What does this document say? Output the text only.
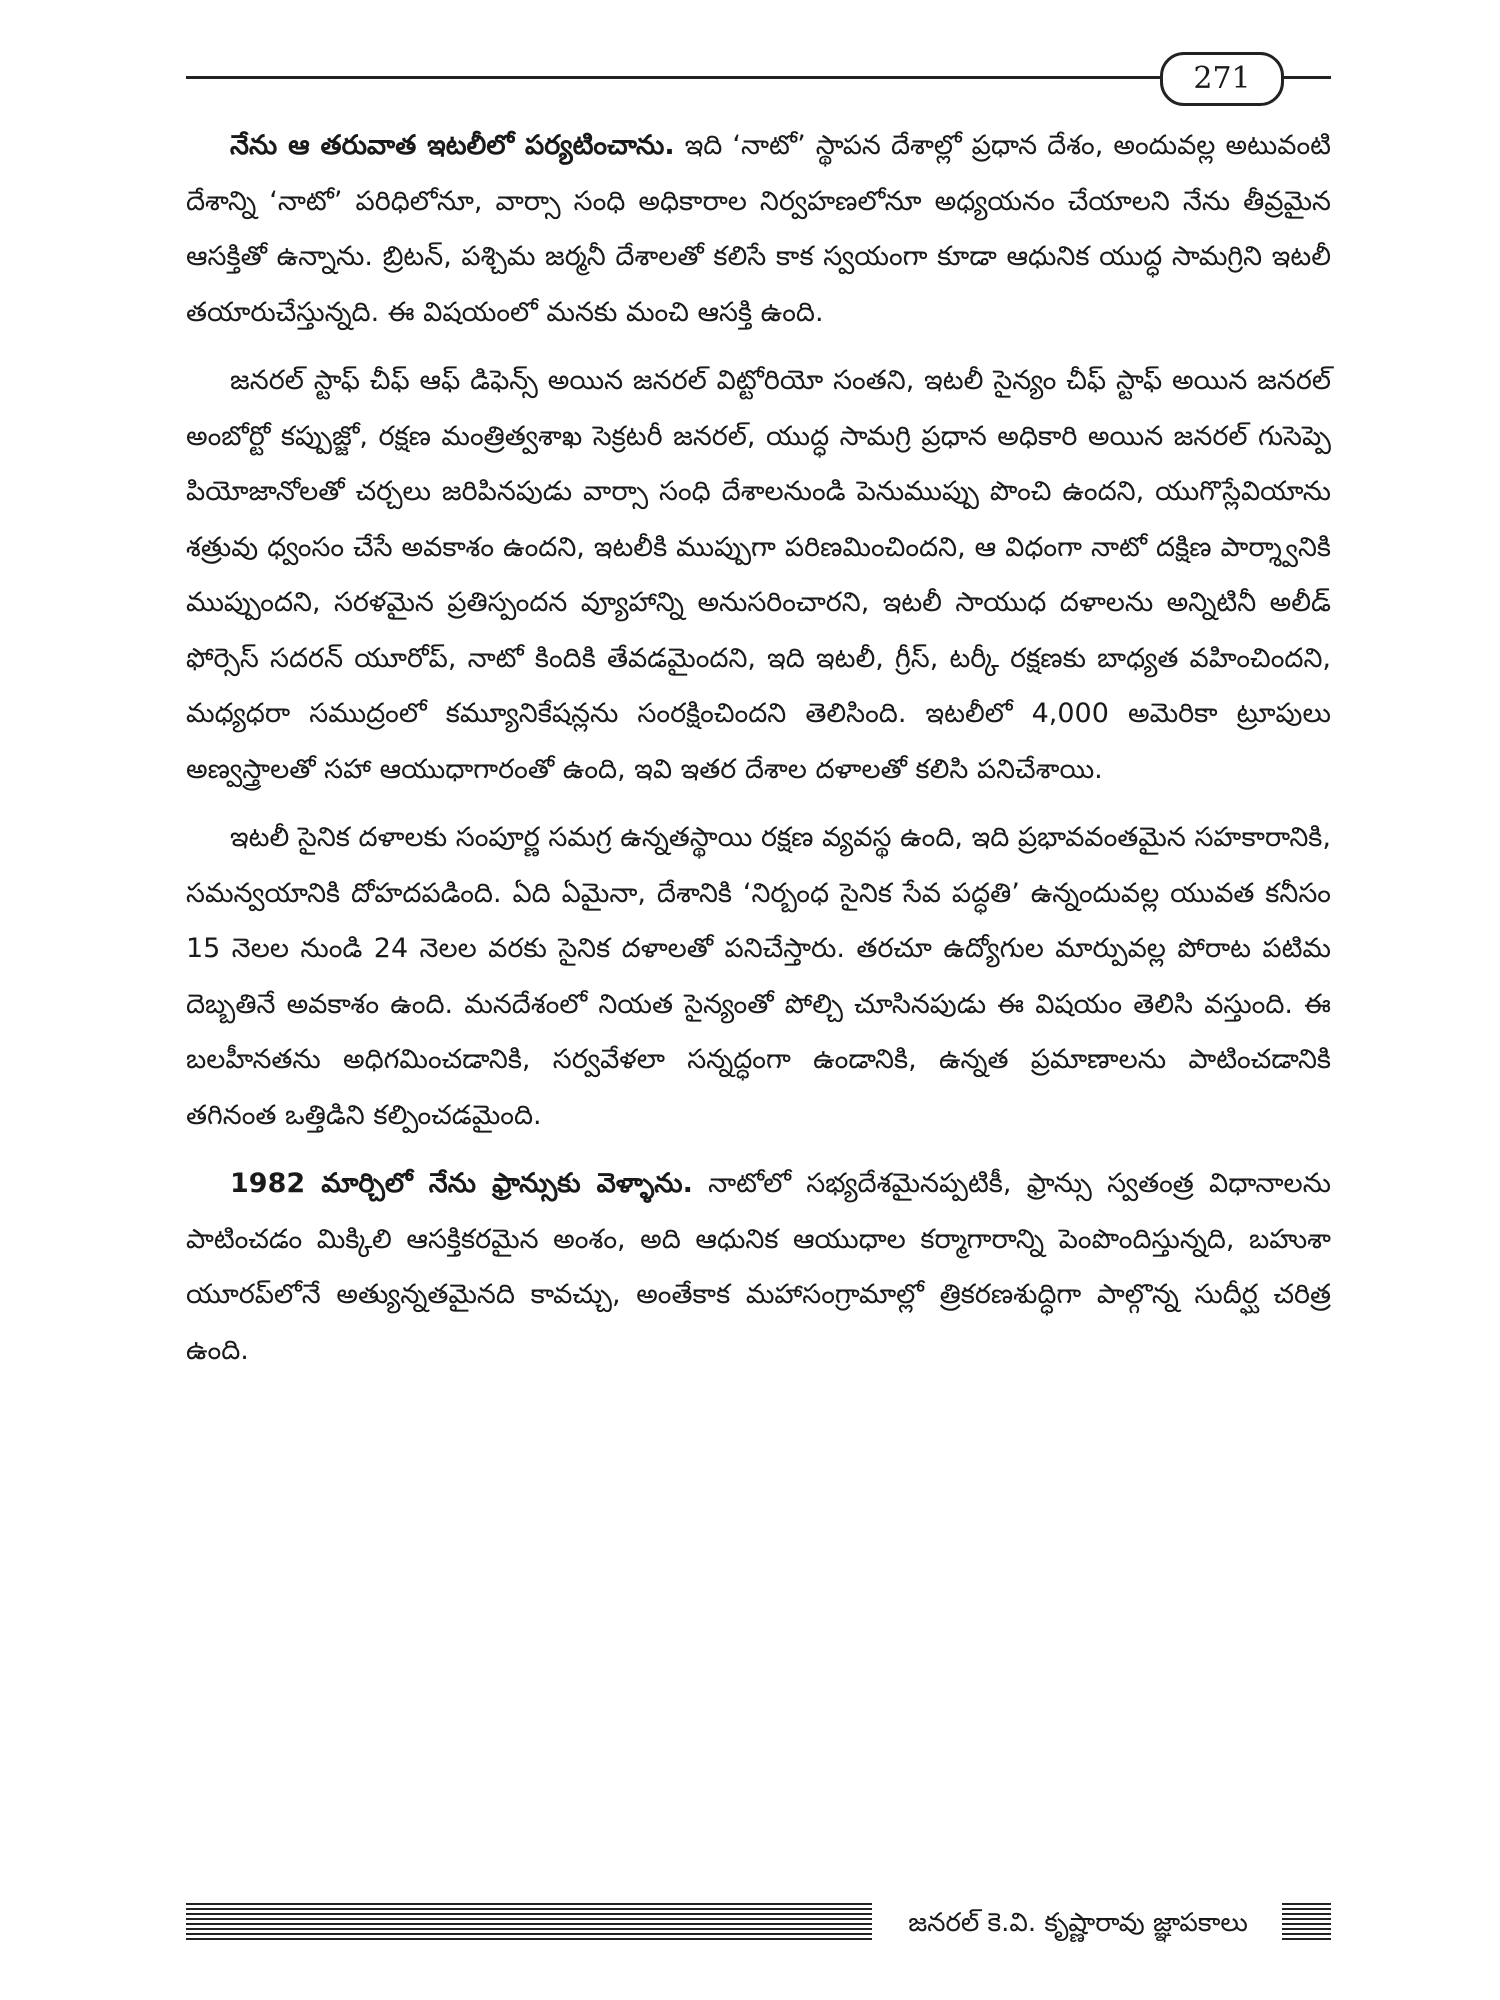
271

నేను ఆ తరువాత ఇటలీలో పర్యటించాను. ఇది ‘నాటో’ స్థాపన దేశాల్లో ప్రధాన దేశం, అందువల్ల అటువంటి దేశాన్ని ‘నాటో’ పరిధిలోనూ, వార్సా సంధి అధికారాల నిర్వహణలోనూ అధ్యయనం చేయాలని నేను తీవ్రమైన ఆసక్తితో ఉన్నాను. బ్రిటన్, పశ్చిమ జర్మనీ దేశాలతో కలిసే కాక స్వయంగా కూడా ఆధునిక యుద్ధ సామగ్రిని ఇటలీ తయారుచేస్తున్నది. ఈ విషయంలో మనకు మంచి ఆసక్తి ఉంది.

జనరల్ స్టాఫ్ చీఫ్ ఆఫ్ డిఫెన్స్ అయిన జనరల్ విట్టోరియో సంతని, ఇటలీ సైన్యం చీఫ్ స్టాఫ్ అయిన జనరల్ అంబోర్టో కప్పుజ్జో, రక్షణ మంత్రిత్వశాఖ సెక్రటరీ జనరల్, యుద్ధ సామగ్రి ప్రధాన అధికారి అయిన జనరల్ గుసెప్పె పియోజానోలతో చర్చలు జరిపినపుడు వార్సా సంధి దేశాలనుండి పెనుముప్పు పొంచి ఉందని, యుగొస్లేవియాను శత్రువు ధ్వంసం చేసే అవకాశం ఉందని, ఇటలీకి ముప్పుగా పరిణమించిందని, ఆ విధంగా నాటో దక్షిణ పార్శ్వానికి ముప్పుందని, సరళమైన ప్రతిస్పందన వ్యూహాన్ని అనుసరించారని, ఇటలీ సాయుధ దళాలను అన్నిటినీ అలీడ్ ఫోర్సెస్ సదరన్ యూరోప్, నాటో కిందికి తేవడమైందని, ఇది ఇటలీ, గ్రీస్, టర్కీ రక్షణకు బాధ్యత వహించిందని, మధ్యధరా సముద్రంలో కమ్యూనికేషన్లను సంరక్షించిందని తెలిసింది. ఇటలీలో 4,000 అమెరికా ట్రూపులు అణ్వస్త్రాలతో సహా ఆయుధాగారంతో ఉంది, ఇవి ఇతర దేశాల దళాలతో కలిసి పనిచేశాయి.

ఇటలీ సైనిక దళాలకు సంపూర్ణ సమగ్ర ఉన్నతస్థాయి రక్షణ వ్యవస్థ ఉంది, ఇది ప్రభావవంతమైన సహకారానికి, సమన్వయానికి దోహదపడింది. ఏది ఏమైనా, దేశానికి ‘నిర్బంధ సైనిక సేవ పద్ధతి’ ఉన్నందువల్ల యువత కనీసం 15 నెలల నుండి 24 నెలల వరకు సైనిక దళాలతో పనిచేస్తారు. తరచూ ఉద్యోగుల మార్పువల్ల పోరాట పటిమ దెబ్బతినే అవకాశం ఉంది. మనదేశంలో నియత సైన్యంతో పోల్చి చూసినపుడు ఈ విషయం తెలిసి వస్తుంది. ఈ బలహీనతను అధిగమించడానికి, సర్వవేళలా సన్నద్ధంగా ఉండానికి, ఉన్నత ప్రమాణాలను పాటించడానికి తగినంత ఒత్తిడిని కల్పించడమైంది.

1982 మార్చిలో నేను ఫ్రాన్సుకు వెళ్ళాను. నాటోలో సభ్యదేశమైనప్పటికీ, ఫ్రాన్సు స్వతంత్ర విధానాలను పాటించడం మిక్కిలి ఆసక్తికరమైన అంశం, అది ఆధునిక ఆయుధాల కర్మాగారాన్ని పెంపొందిస్తున్నది, బహుశా యూరప్‌లోనే అత్యున్నతమైనది కావచ్చు, అంతేకాక మహాసంగ్రామాల్లో త్రికరణశుద్ధిగా పాల్గొన్న సుదీర్ఘ చరిత్ర ఉంది.

జనరల్ కె.వి. కృష్ణారావు జ్ఞాపకాలు
